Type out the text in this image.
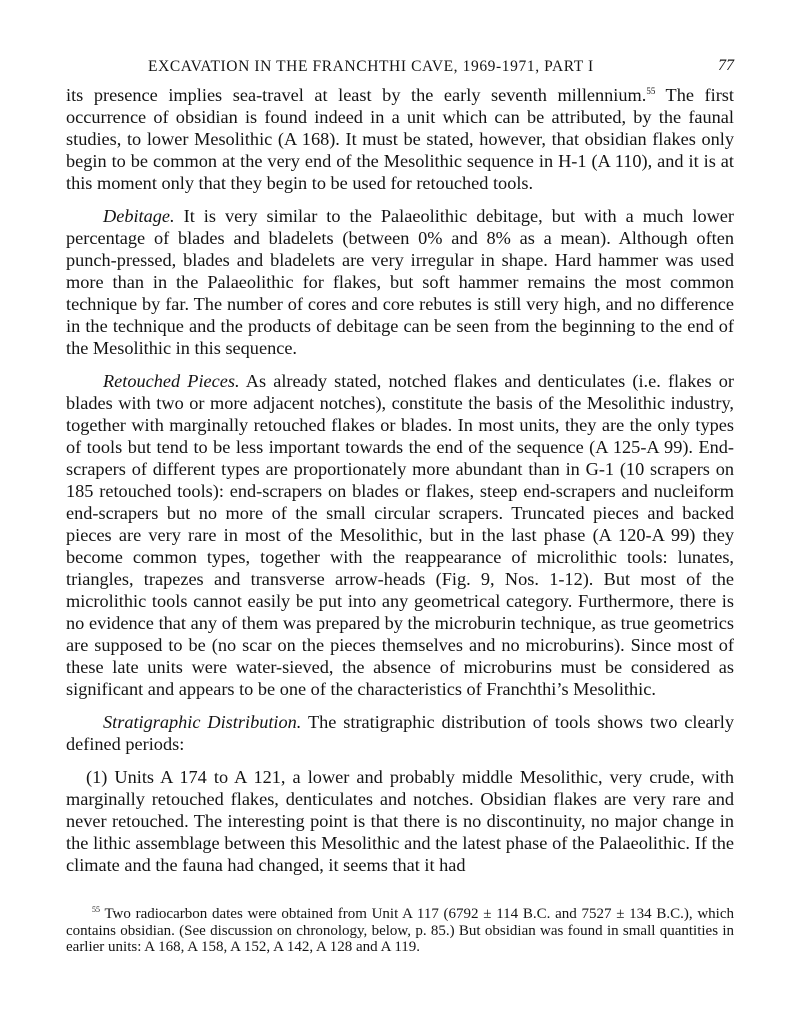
EXCAVATION IN THE FRANCHTHI CAVE, 1969-1971, PART I	77

its presence implies sea-travel at least by the early seventh millennium.$^{55}$ The first occurrence of obsidian is found indeed in a unit which can be attributed, by the faunal studies, to lower Mesolithic (A 168). It must be stated, however, that obsidian flakes only begin to be common at the very end of the Mesolithic sequence in H-1 (A 110), and it is at this moment only that they begin to be used for retouched tools.

Debitage. It is very similar to the Palaeolithic debitage, but with a much lower percentage of blades and bladelets (between 0% and 8% as a mean). Although often punch-pressed, blades and bladelets are very irregular in shape. Hard hammer was used more than in the Palaeolithic for flakes, but soft hammer remains the most common technique by far. The number of cores and core rebutes is still very high, and no difference in the technique and the products of debitage can be seen from the beginning to the end of the Mesolithic in this sequence.

Retouched Pieces. As already stated, notched flakes and denticulates (i.e. flakes or blades with two or more adjacent notches), constitute the basis of the Mesolithic industry, together with marginally retouched flakes or blades. In most units, they are the only types of tools but tend to be less important towards the end of the sequence (A 125-A 99). End-scrapers of different types are proportionately more abundant than in G-1 (10 scrapers on 185 retouched tools): end-scrapers on blades or flakes, steep end-scrapers and nucleiform end-scrapers but no more of the small circular scrapers. Truncated pieces and backed pieces are very rare in most of the Mesolithic, but in the last phase (A 120-A 99) they become common types, together with the reappearance of microlithic tools: lunates, triangles, trapezes and transverse arrow-heads (Fig. 9, Nos. 1-12). But most of the microlithic tools cannot easily be put into any geometrical category. Furthermore, there is no evidence that any of them was prepared by the microburin technique, as true geometrics are supposed to be (no scar on the pieces themselves and no microburins). Since most of these late units were water-sieved, the absence of microburins must be considered as significant and appears to be one of the characteristics of Franchthi’s Mesolithic.

Stratigraphic Distribution. The stratigraphic distribution of tools shows two clearly defined periods:

(1) Units A 174 to A 121, a lower and probably middle Mesolithic, very crude, with marginally retouched flakes, denticulates and notches. Obsidian flakes are very rare and never retouched. The interesting point is that there is no discontinuity, no major change in the lithic assemblage between this Mesolithic and the latest phase of the Palaeolithic. If the climate and the fauna had changed, it seems that it had

$^{55}$ Two radiocarbon dates were obtained from Unit A 117 (6792 ± 114 B.C. and 7527 ± 134 B.C.), which contains obsidian. (See discussion on chronology, below, p. 85.) But obsidian was found in small quantities in earlier units: A 168, A 158, A 152, A 142, A 128 and A 119.
